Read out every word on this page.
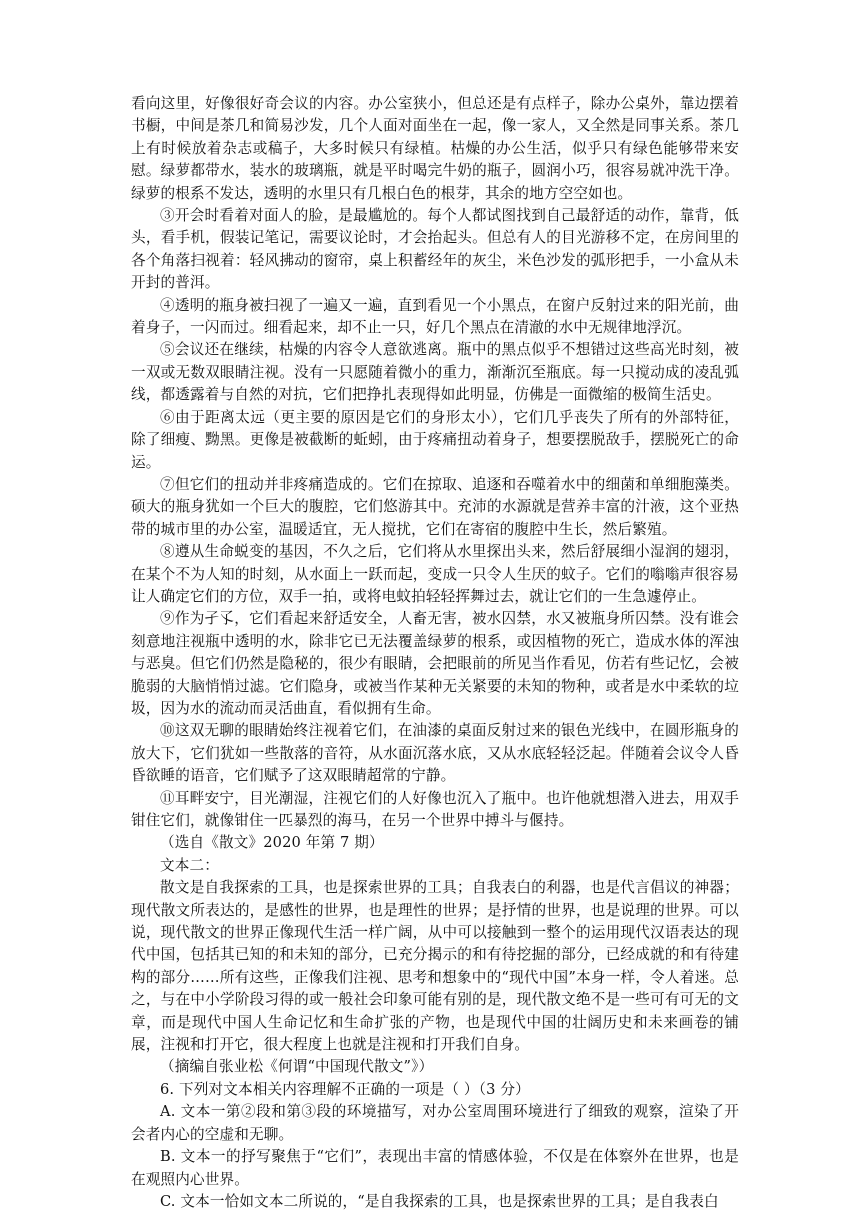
看向这里，好像很好奇会议的内容。办公室狭小，但总还是有点样子，除办公桌外，靠边摆着书橱，中间是茶几和简易沙发，几个人面对面坐在一起，像一家人，又全然是同事关系。茶几上有时候放着杂志或稿子，大多时候只有绿植。枯燥的办公生活，似乎只有绿色能够带来安慰。绿萝都带水，装水的玻璃瓶，就是平时喝完牛奶的瓶子，圆润小巧，很容易就冲洗干净。绿萝的根系不发达，透明的水里只有几根白色的根芽，其余的地方空空如也。

③开会时看着对面人的脸，是最尴尬的。每个人都试图找到自己最舒适的动作，靠背，低头，看手机，假装记笔记，需要议论时，才会抬起头。但总有人的目光游移不定，在房间里的各个角落扫视着：轻风拂动的窗帘，桌上积蓄经年的灰尘，米色沙发的弧形把手，一小盒从未开封的普洱。

④透明的瓶身被扫视了一遍又一遍，直到看见一个小黑点，在窗户反射过来的阳光前，曲着身子，一闪而过。细看起来，却不止一只，好几个黑点在清澈的水中无规律地浮沉。

⑤会议还在继续，枯燥的内容令人意欲逃离。瓶中的黑点似乎不想错过这些高光时刻，被一双或无数双眼睛注视。没有一只愿随着微小的重力，渐渐沉至瓶底。每一只搅动成的凌乱弧线，都透露着与自然的对抗，它们把挣扎表现得如此明显，仿佛是一面微缩的极简生活史。

⑥由于距离太远（更主要的原因是它们的身形太小），它们几乎丧失了所有的外部特征，除了细瘦、黝黑。更像是被截断的蚯蚓，由于疼痛扭动着身子，想要摆脱敌手，摆脱死亡的命运。

⑦但它们的扭动并非疼痛造成的。它们在掠取、追逐和吞噬着水中的细菌和单细胞藻类。硕大的瓶身犹如一个巨大的腹腔，它们悠游其中。充沛的水源就是营养丰富的汁液，这个亚热带的城市里的办公室，温暖适宜，无人搅扰，它们在寄宿的腹腔中生长，然后繁殖。

⑧遵从生命蜕变的基因，不久之后，它们将从水里探出头来，然后舒展细小湿润的翅羽，在某个不为人知的时刻，从水面上一跃而起，变成一只令人生厌的蚊子。它们的嗡嗡声很容易让人确定它们的方位，双手一拍，或将电蚊拍轻轻挥舞过去，就让它们的一生急遽停止。

⑨作为孑孓，它们看起来舒适安全，人畜无害，被水囚禁，水又被瓶身所囚禁。没有谁会刻意地注视瓶中透明的水，除非它已无法覆盖绿萝的根系，或因植物的死亡，造成水体的浑浊与恶臭。但它们仍然是隐秘的，很少有眼睛，会把眼前的所见当作看见，仿若有些记忆，会被脆弱的大脑悄悄过滤。它们隐身，或被当作某种无关紧要的未知的物种，或者是水中柔软的垃圾，因为水的流动而灵活曲直，看似拥有生命。

⑩这双无聊的眼睛始终注视着它们，在油漆的桌面反射过来的银色光线中，在圆形瓶身的放大下，它们犹如一些散落的音符，从水面沉落水底，又从水底轻轻泛起。伴随着会议令人昏昏欲睡的语音，它们赋予了这双眼睛超常的宁静。

⑪耳畔安宁，目光潮湿，注视它们的人好像也沉入了瓶中。也许他就想潜入进去，用双手钳住它们，就像钳住一匹暴烈的海马，在另一个世界中搏斗与偃持。

（选自《散文》2020 年第 7 期）

文本二：

散文是自我探索的工具，也是探索世界的工具；自我表白的利器，也是代言倡议的神器；现代散文所表达的，是感性的世界，也是理性的世界；是抒情的世界，也是说理的世界。可以说，现代散文的世界正像现代生活一样广阔，从中可以接触到一整个的运用现代汉语表达的现代中国，包括其已知的和未知的部分，已充分揭示的和有待挖掘的部分，已经成就的和有待建构的部分……所有这些，正像我们注视、思考和想象中的“现代中国”本身一样，令人着迷。总之，与在中小学阶段习得的或一般社会印象可能有别的是，现代散文绝不是一些可有可无的文章，而是现代中国人生命记忆和生命扩张的产物，也是现代中国的壮阔历史和未来画卷的铺展，注视和打开它，很大程度上也就是注视和打开我们自身。

（摘编自张业松《何谓“中国现代散文”》）

6. 下列对文本相关内容理解不正确的一项是（ ）（3 分）

A. 文本一第②段和第③段的环境描写，对办公室周围环境进行了细致的观察，渲染了开会者内心的空虚和无聊。

B. 文本一的抒写聚焦于“它们”，表现出丰富的情感体验，不仅是在体察外在世界，也是在观照内心世界。

C. 文本一恰如文本二所说的，“是自我探索的工具，也是探索世界的工具；是自我表白
